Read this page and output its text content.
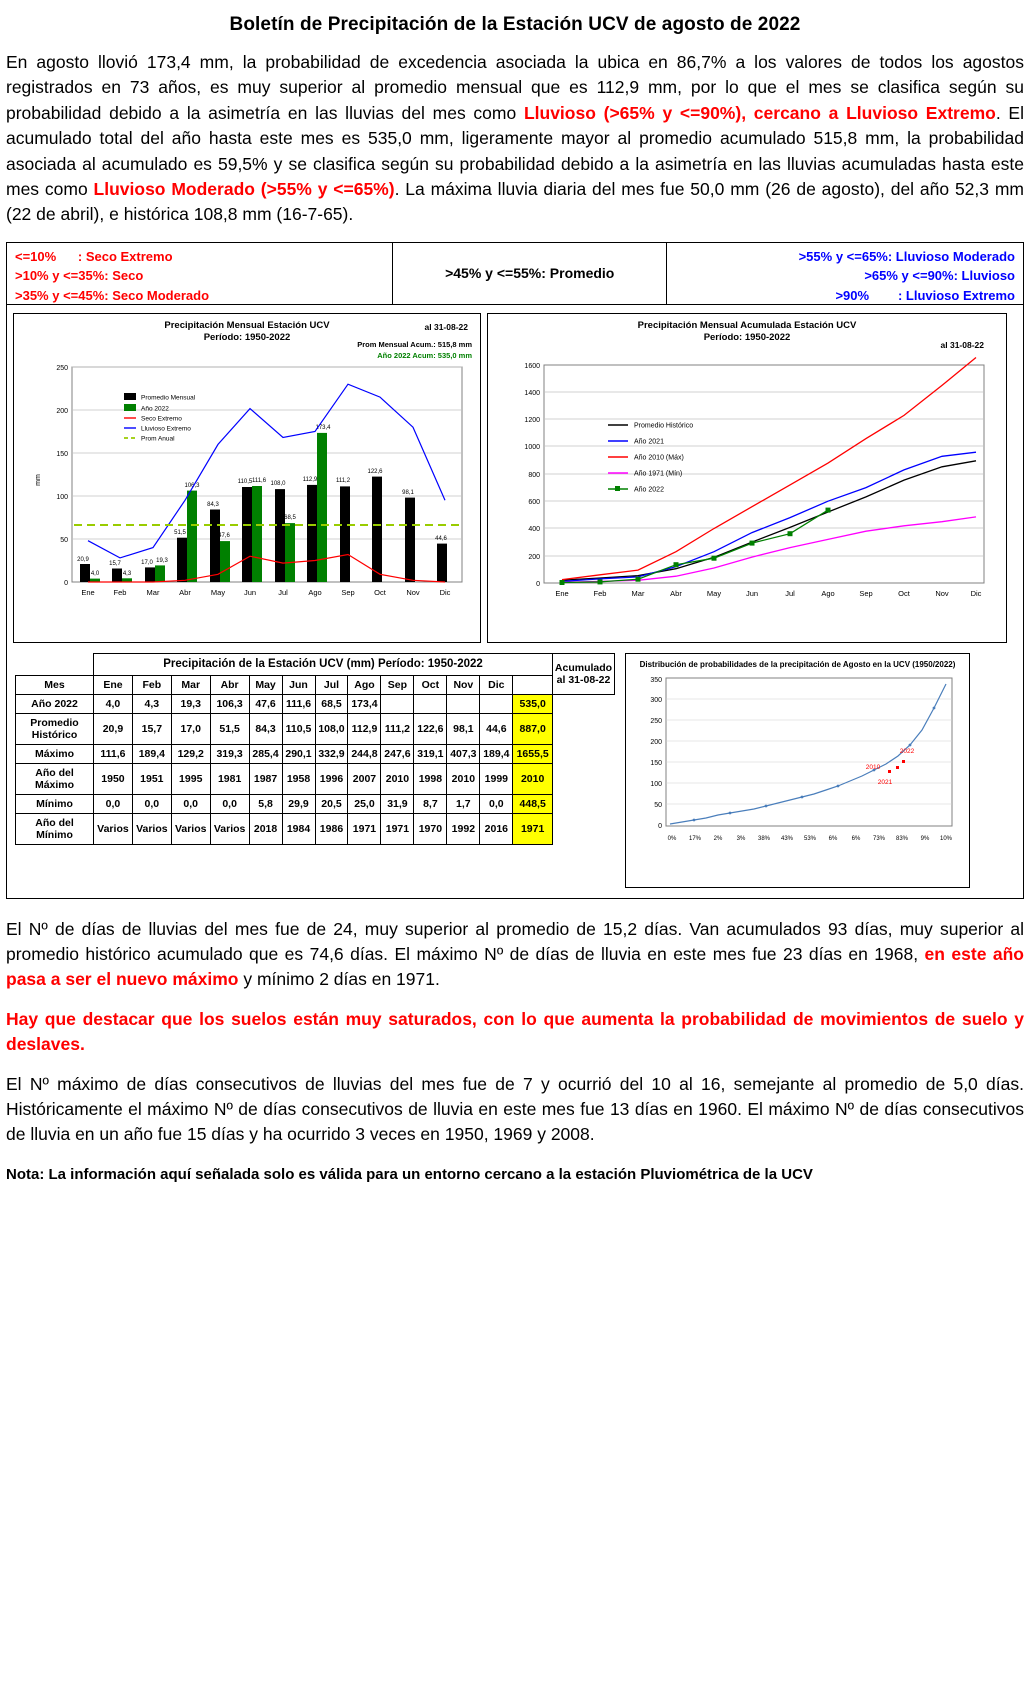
Boletín de Precipitación de la Estación UCV de agosto de 2022

En agosto llovió 173,4 mm, la probabilidad de excedencia asociada la ubica en 86,7% a los valores de todos los agostos registrados en 73 años, es muy superior al promedio mensual que es 112,9 mm, por lo que el mes se clasifica según su probabilidad debido a la asimetría en las lluvias del mes como Lluvioso (>65% y <=90%), cercano a Lluvioso Extremo. El acumulado total del año hasta este mes es 535,0 mm, ligeramente mayor al promedio acumulado 515,8 mm, la probabilidad asociada al acumulado es 59,5% y se clasifica según su probabilidad debido a la asimetría en las lluvias acumuladas hasta este mes como Lluvioso Moderado (>55% y <=65%). La máxima lluvia diaria del mes fue 50,0 mm (26 de agosto), del año 52,3 mm (22 de abril), e histórica 108,8 mm (16-7-65).

<=10%      : Seco Extremo
>10% y <=35%: Seco
>35% y <=45%: Seco Moderado
>45% y <=55%: Promedio
>55% y <=65%: Lluvioso Moderado
>65% y <=90%: Lluvioso
>90%        : Lluvioso Extremo
Precipitación Mensual Estación UCV
Período: 1950-2022
al 31-08-22
Prom Mensual Acum.: 515,8 mm
Año 2022 Acum: 535,0 mm
0
50
100
150
200
250
mm
Ene	Feb	Mar	Abr	May	Jun	Jul	Ago	Sep	Oct	Nov	Dic
20,9
4,0
15,7
4,3
17,0 19,3
51,5
106,3
84,3
47,6
110,5 111,6 108,0
68,5
112,9
173,4
111,2
122,6
98,1
44,6
Promedio Mensual
Año 2022
Seco Extremo
Lluvioso Extremo
Prom Anual
Precipitación Mensual Acumulada Estación UCV
Período: 1950-2022
al 31-08-22
0
200
400
600
800
1000
1200
1400
1600
Ene	Feb	Mar	Abr	May	Jun	Jul	Ago	Sep	Oct	Nov	Dic
Promedio Histórico
Año 2021
Año 2010 (Máx)
Año 1971 (Mín)
Año 2022
	Precipitación de la Estación UCV (mm) Período: 1950-2022													Acumulado
al 31-08-22

Mes	Ene	Feb	Mar	Abr	May	Jun	Jul	Ago	Sep	Oct	Nov	Dic		
Año 2022	4,0	4,3	19,3	106,3	47,6	111,6	68,5	173,4					535,0	
Promedio
Histórico	20,9	15,7	17,0	51,5	84,3	110,5	108,0	112,9	111,2	122,6	98,1	44,6	887,0	
Máximo	111,6	189,4	129,2	319,3	285,4	290,1	332,9	244,8	247,6	319,1	407,3	189,4	1655,5	
Año del Máximo	1950	1951	1995	1981	1987	1958	1996	2007	2010	1998	2010	1999	2010	
Mínimo	0,0	0,0	0,0	0,0	5,8	29,9	20,5	25,0	31,9	8,7	1,7	0,0	448,5	
Año del Mínimo	Varios	Varios	Varios	Varios	2018	1984	1986	1971	1971	1970	1992	2016	1971	
Distribución de probabilidades de la precipitación de Agosto en la UCV (1950/2022)
0
50
100
150
200
250
300
350
0% 17% 2% 3% 38% 43% 53% 6% 6% 73% 83% 9% 10%
2010
2021
2022

El Nº de días de lluvias del mes fue de 24, muy superior al promedio de 15,2 días. Van acumulados 93 días, muy superior al promedio histórico acumulado que es 74,6 días. El máximo Nº de días de lluvia en este mes fue 23 días en 1968, en este año pasa a ser el nuevo máximo y mínimo 2 días en 1971.

Hay que destacar que los suelos están muy saturados, con lo que aumenta la probabilidad de movimientos de suelo y deslaves.

El Nº máximo de días consecutivos de lluvias del mes fue de 7 y ocurrió del 10 al 16, semejante al promedio de 5,0 días. Históricamente el máximo Nº de días consecutivos de lluvia en este mes fue 13 días en 1960. El máximo Nº de días consecutivos de lluvia en un año fue 15 días y ha ocurrido 3 veces en 1950, 1969 y 2008.

Nota: La información aquí señalada solo es válida para un entorno cercano a la estación Pluviométrica de la UCV
